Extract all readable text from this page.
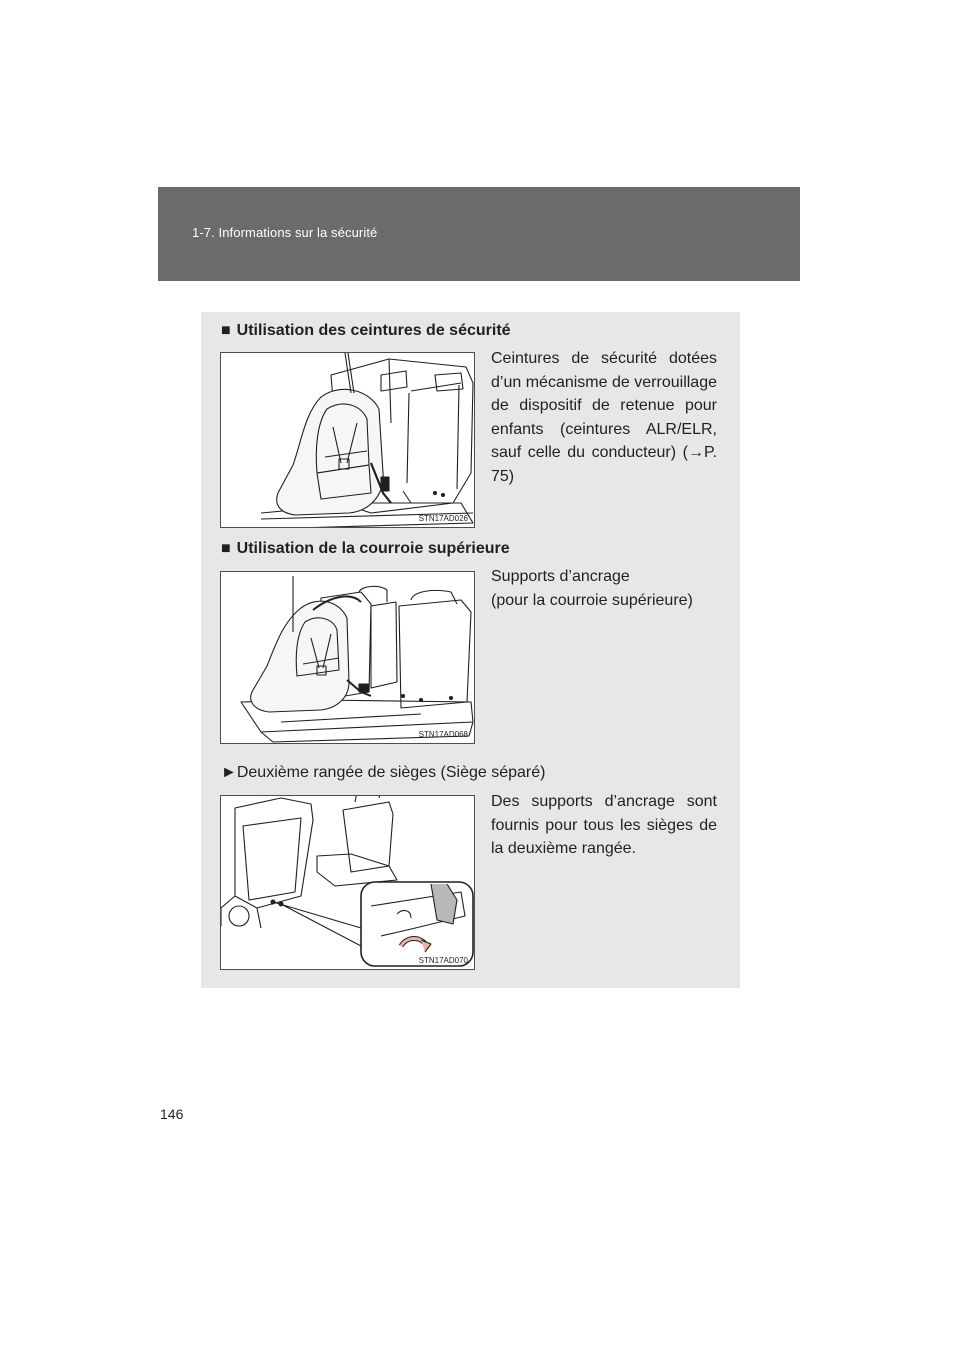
1-7. Informations sur la sécurité
■ Utilisation des ceintures de sécurité
STN17AD026
Ceintures de sécurité dotées d’un mécanisme de verrouillage de dispositif de retenue pour enfants (ceintures ALR/ELR, sauf celle du conducteur) (→P. 75)
■ Utilisation de la courroie supérieure
STN17AD068
Supports d’ancrage
(pour la courroie supérieure)
►Deuxième rangée de sièges (Siège séparé)
STN17AD070
Des supports d’ancrage sont fournis pour tous les sièges de la deuxième rangée.
146
